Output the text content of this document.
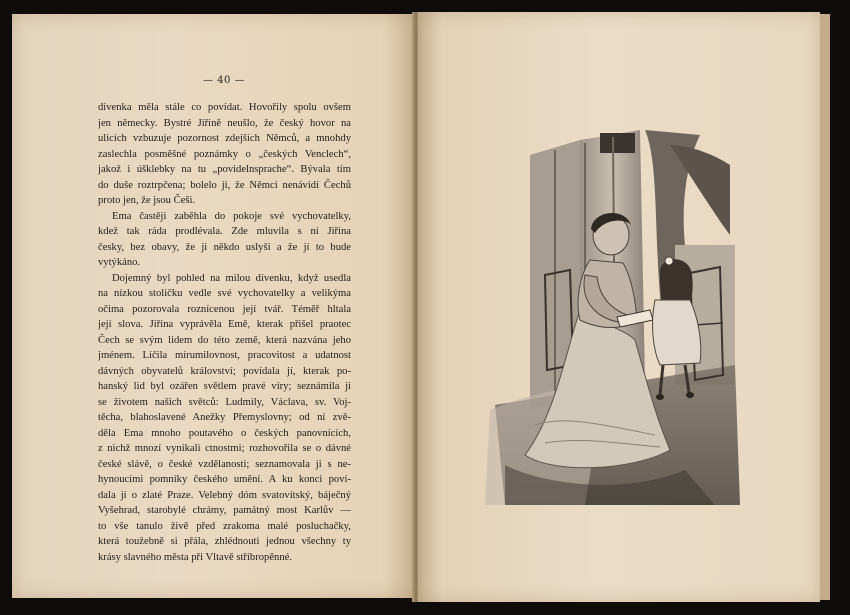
— 40 —
dívenka měla stále co povídat. Hovořily spolu ovšem
jen německy. Bystré Jiřině neušlo, že český hovor na
ulicích vzbuzuje pozornost zdejších Němců, a mnohdy
zaslechla posměšné poznámky o „českých Venclech“,
jakož i úšklebky na tu „povidelnsprache“. Bývala tím
do duše roztrpčena; bolelo ji, že Němci nenávidí Čechů
proto jen, že jsou Češi.
Ema častěji zaběhla do pokoje své vychovatelky,
kdež tak ráda prodlévala. Zde mluvila s ní Jiřina
česky, bez obavy, že ji někdo uslyší a že jí to bude
vytýkáno.
Dojemný byl pohled na milou dívenku, když usedla
na nízkou stoličku vedle své vychovatelky a velikýma
očima pozorovala roznícenou její tvář. Téměř hltala
její slova. Jiřina vyprávěla Emě, kterak přišel praotec
Čech se svým lidem do této země, která nazvána jeho
jménem. Líčila mírumilovnost, pracovitost a udatnost
dávných obyvatelů království; povídala jí, kterak po-
hanský lid byl ozářen světlem pravé víry; seznámila ji
se životem našich světců: Ludmily, Václava, sv. Voj-
těcha, blahoslavené Anežky Přemyslovny; od ní zvě-
děla Ema mnoho poutavého o českých panovnících,
z nichž mnozí vynikali ctnostmi; rozhovořila se o dávné
české slávě, o české vzdělanosti; seznamovala ji s ne-
hynoucími pomníky českého umění. A ku konci poví-
dala jí o zlaté Praze. Velebný dóm svatovítský, báječný
Vyšehrad, starobylé chrámy, památný most Karlův —
to vše tanulo živě před zrakoma malé posluchačky,
která toužebně si přála, zhlédnouti jednou všechny ty
krásy slavného města při Vltavě stříbropěnné.
